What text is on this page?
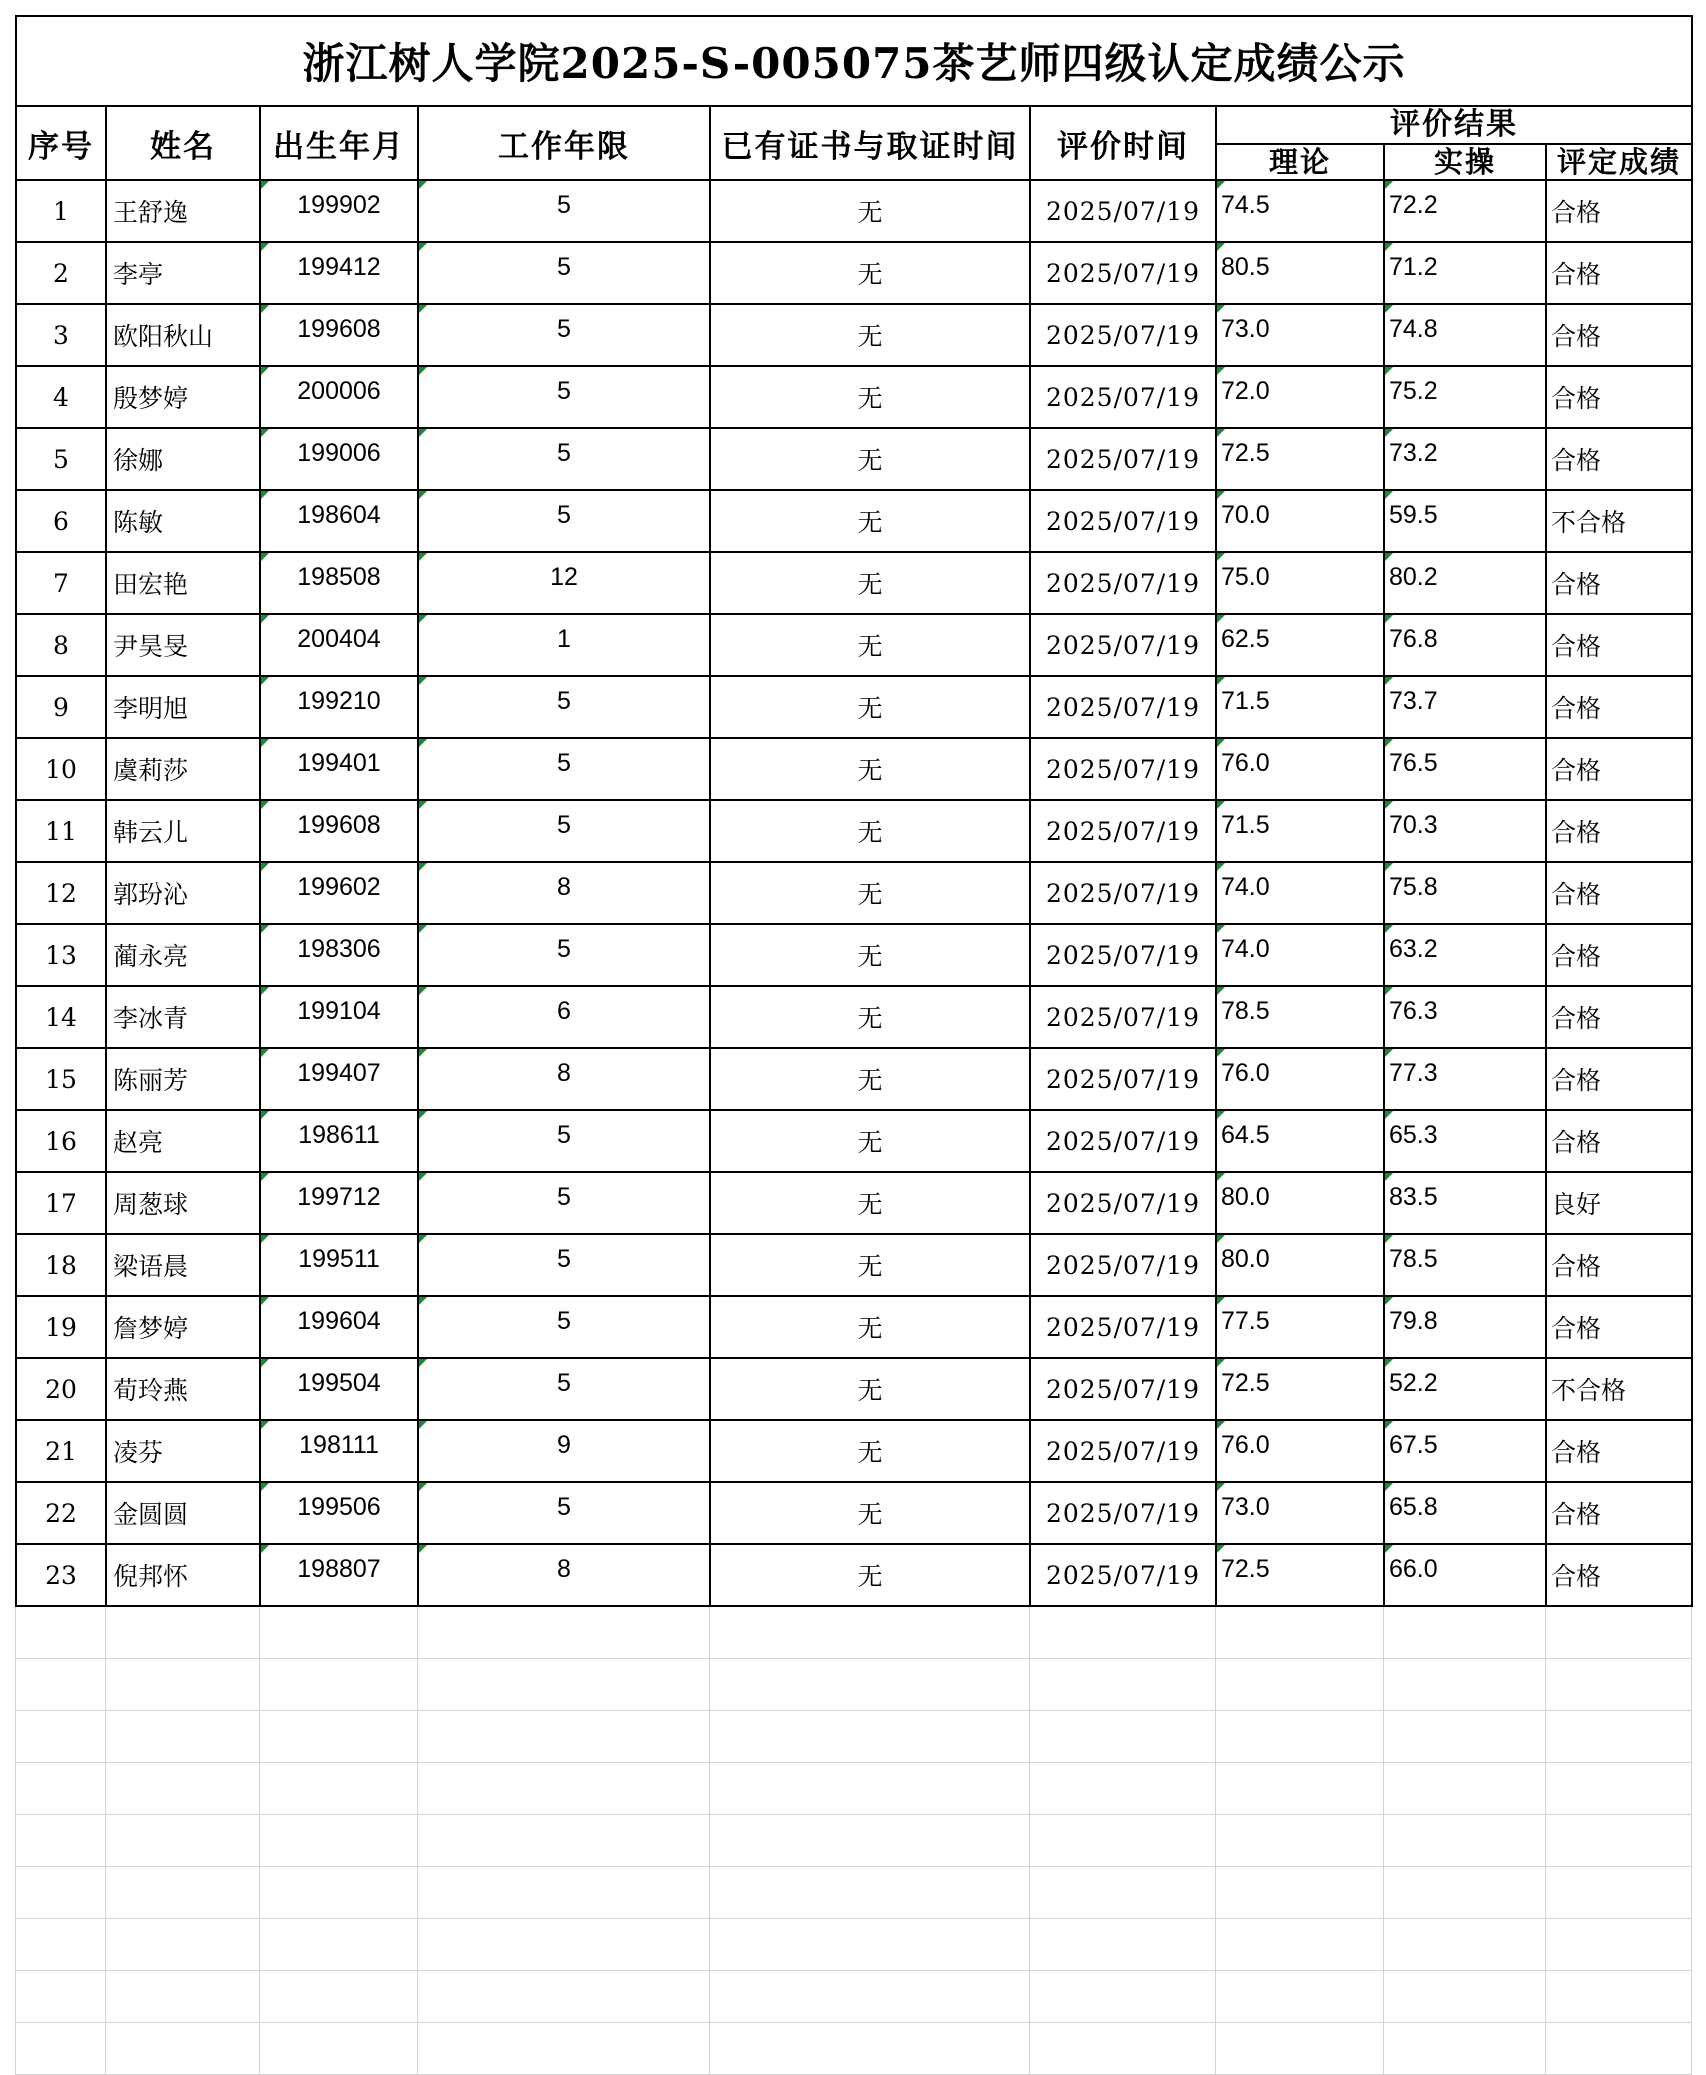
浙江树人学院2025-S-005075茶艺师四级认定成绩公示								
序号	姓名	出生年月	工作年限	已有证书与取证时间	评价时间	评价结果		
						理论	实操	评定成绩
1	王舒逸	199902	5	无	2025/07/19	74.5	72.2	合格
2	李亭	199412	5	无	2025/07/19	80.5	71.2	合格
3	欧阳秋山	199608	5	无	2025/07/19	73.0	74.8	合格
4	殷梦婷	200006	5	无	2025/07/19	72.0	75.2	合格
5	徐娜	199006	5	无	2025/07/19	72.5	73.2	合格
6	陈敏	198604	5	无	2025/07/19	70.0	59.5	不合格
7	田宏艳	198508	12	无	2025/07/19	75.0	80.2	合格
8	尹昊旻	200404	1	无	2025/07/19	62.5	76.8	合格
9	李明旭	199210	5	无	2025/07/19	71.5	73.7	合格
10	虞莉莎	199401	5	无	2025/07/19	76.0	76.5	合格
11	韩云儿	199608	5	无	2025/07/19	71.5	70.3	合格
12	郭玢沁	199602	8	无	2025/07/19	74.0	75.8	合格
13	蔺永亮	198306	5	无	2025/07/19	74.0	63.2	合格
14	李冰青	199104	6	无	2025/07/19	78.5	76.3	合格
15	陈丽芳	199407	8	无	2025/07/19	76.0	77.3	合格
16	赵亮	198611	5	无	2025/07/19	64.5	65.3	合格
17	周葱球	199712	5	无	2025/07/19	80.0	83.5	良好
18	梁语晨	199511	5	无	2025/07/19	80.0	78.5	合格
19	詹梦婷	199604	5	无	2025/07/19	77.5	79.8	合格
20	荀玲燕	199504	5	无	2025/07/19	72.5	52.2	不合格
21	凌芬	198111	9	无	2025/07/19	76.0	67.5	合格
22	金圆圆	199506	5	无	2025/07/19	73.0	65.8	合格
23	倪邦怀	198807	8	无	2025/07/19	72.5	66.0	合格
